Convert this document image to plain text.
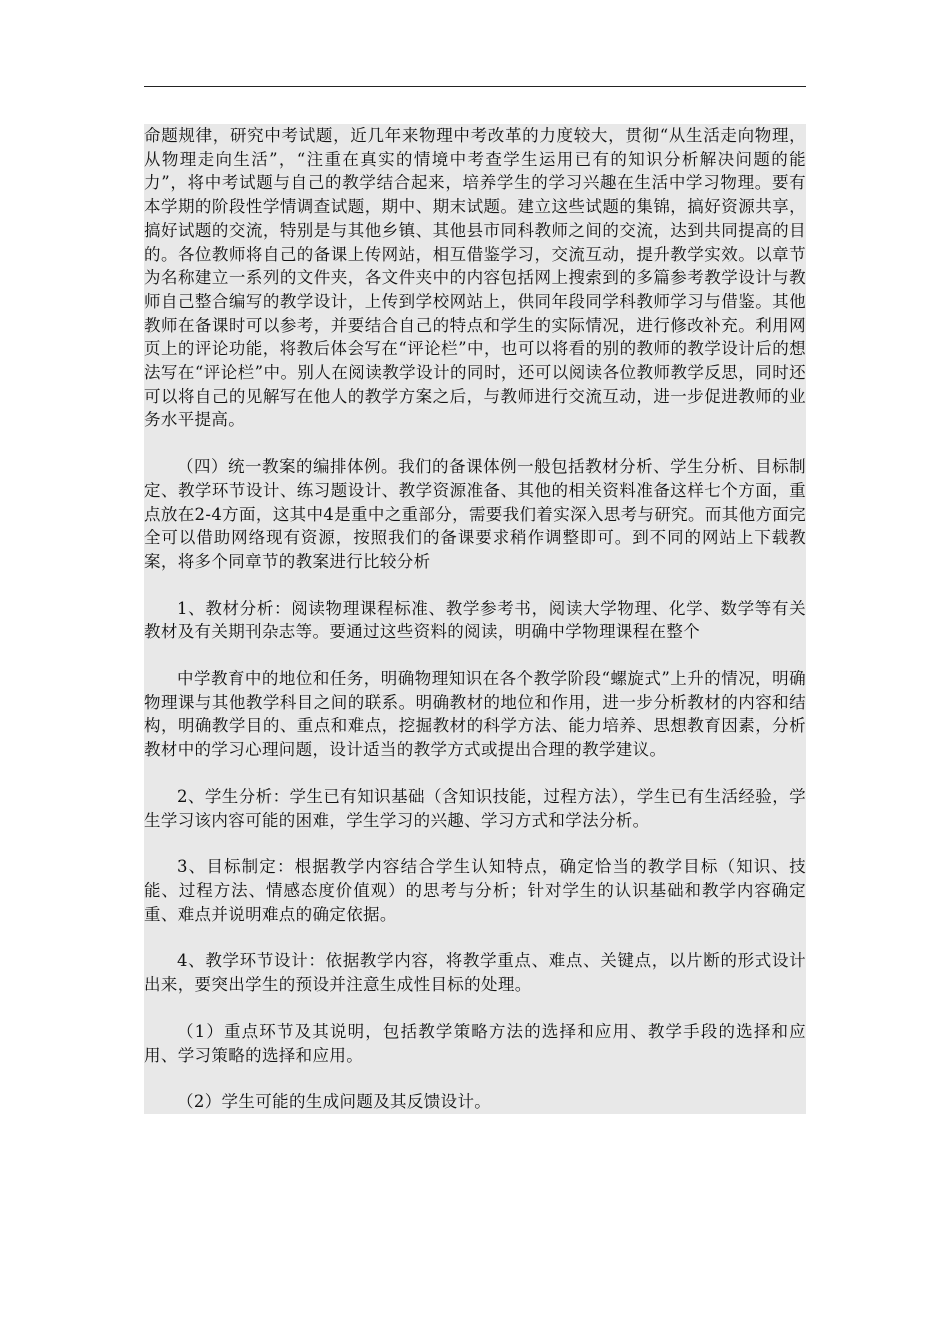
命题规律，研究中考试题，近几年来物理中考改革的力度较大，贯彻“从生活走向物理，从物理走向生活”，“注重在真实的情境中考查学生运用已有的知识分析解决问题的能力”，将中考试题与自己的教学结合起来，培养学生的学习兴趣在生活中学习物理。要有本学期的阶段性学情调查试题，期中、期末试题。建立这些试题的集锦，搞好资源共享，搞好试题的交流，特别是与其他乡镇、其他县市同科教师之间的交流，达到共同提高的目的。各位教师将自己的备课上传网站，相互借鉴学习，交流互动，提升教学实效。以章节为名称建立一系列的文件夹，各文件夹中的内容包括网上搜索到的多篇参考教学设计与教师自己整合编写的教学设计，上传到学校网站上，供同年段同学科教师学习与借鉴。其他教师在备课时可以参考，并要结合自己的特点和学生的实际情况，进行修改补充。利用网页上的评论功能，将教后体会写在“评论栏”中，也可以将看的别的教师的教学设计后的想法写在“评论栏”中。别人在阅读教学设计的同时，还可以阅读各位教师教学反思，同时还可以将自己的见解写在他人的教学方案之后，与教师进行交流互动，进一步促进教师的业务水平提高。

（四）统一教案的编排体例。我们的备课体例一般包括教材分析、学生分析、目标制定、教学环节设计、练习题设计、教学资源准备、其他的相关资料准备这样七个方面，重点放在2-4方面，这其中4是重中之重部分，需要我们着实深入思考与研究。而其他方面完全可以借助网络现有资源，按照我们的备课要求稍作调整即可。到不同的网站上下载教案，将多个同章节的教案进行比较分析

1、教材分析：阅读物理课程标准、教学参考书，阅读大学物理、化学、数学等有关教材及有关期刊杂志等。要通过这些资料的阅读，明确中学物理课程在整个

中学教育中的地位和任务，明确物理知识在各个教学阶段“螺旋式”上升的情况，明确物理课与其他教学科目之间的联系。明确教材的地位和作用，进一步分析教材的内容和结构，明确教学目的、重点和难点，挖掘教材的科学方法、能力培养、思想教育因素，分析教材中的学习心理问题，设计适当的教学方式或提出合理的教学建议。

2、学生分析：学生已有知识基础（含知识技能，过程方法），学生已有生活经验，学生学习该内容可能的困难，学生学习的兴趣、学习方式和学法分析。

3、目标制定：根据教学内容结合学生认知特点，确定恰当的教学目标（知识、技能、过程方法、情感态度价值观）的思考与分析；针对学生的认识基础和教学内容确定重、难点并说明难点的确定依据。

4、教学环节设计：依据教学内容，将教学重点、难点、关键点，以片断的形式设计出来，要突出学生的预设并注意生成性目标的处理。

（1）重点环节及其说明，包括教学策略方法的选择和应用、教学手段的选择和应用、学习策略的选择和应用。

（2）学生可能的生成问题及其反馈设计。
